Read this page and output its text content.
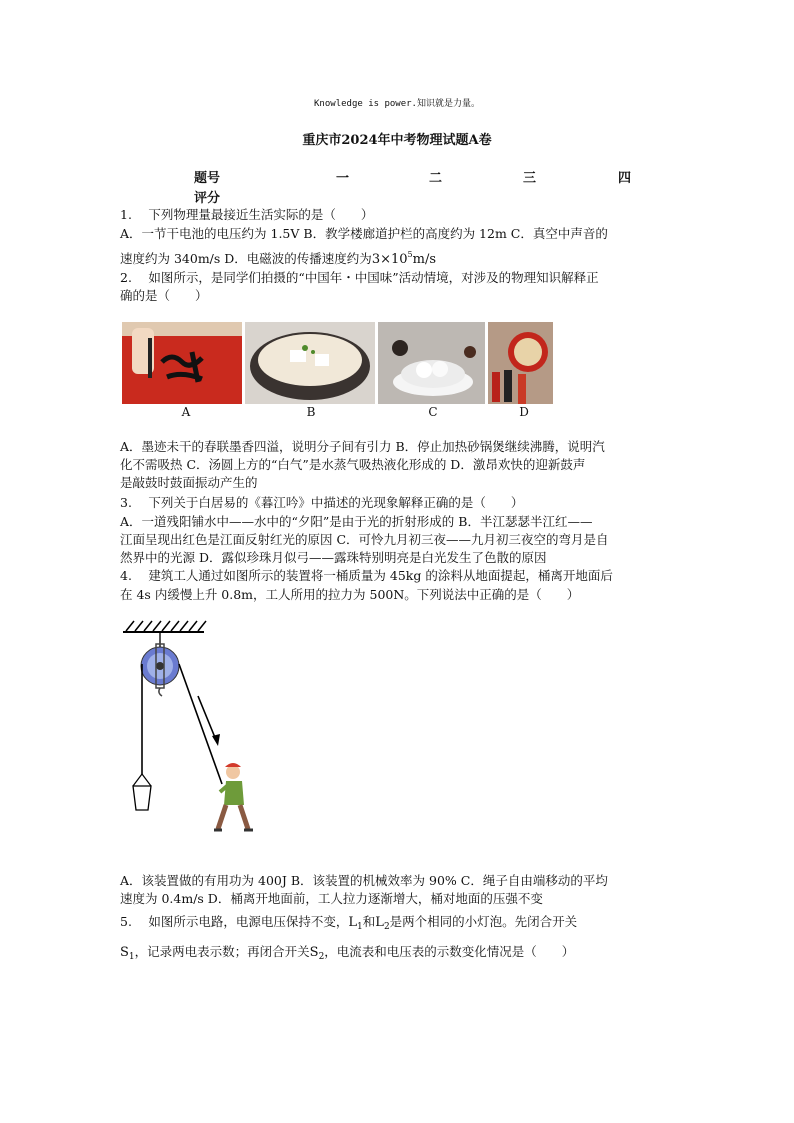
Knowledge is power.知识就是力量。
重庆市2024年中考物理试题A卷
题号	一	二	三	四
评分
1.　 下列物理量最接近生活实际的是（　　）
A．一节干电池的电压约为 1.5V B．教学楼廊道护栏的高度约为 12m C．真空中声音的
速度约为 340m/s D．电磁波的传播速度约为$3\times 10^5m/s$
2.　 如图所示，是同学们拍摄的“中国年・中国味”活动情境，对涉及的物理知识解释正
确的是（　　）
A	B	C	D
A．墨迹未干的春联墨香四溢，说明分子间有引力 B．停止加热砂锅煲继续沸腾，说明汽
化不需吸热 C．汤圆上方的“白气”是水蒸气吸热液化形成的 D．激昂欢快的迎新鼓声
是敲鼓时鼓面振动产生的
3.　 下列关于白居易的《暮江吟》中描述的光现象解释正确的是（　　）
A．一道残阳铺水中——水中的“夕阳”是由于光的折射形成的 B．半江瑟瑟半江红——
江面呈现出红色是江面反射红光的原因 C．可怜九月初三夜——九月初三夜空的弯月是自
然界中的光源 D．露似珍珠月似弓——露珠特别明亮是白光发生了色散的原因
4.　 建筑工人通过如图所示的装置将一桶质量为 45kg 的涂料从地面提起，桶离开地面后
在 4s 内缓慢上升 0.8m，工人所用的拉力为 500N。下列说法中正确的是（　　）
A．该装置做的有用功为 400J B．该装置的机械效率为 90% C．绳子自由端移动的平均
速度为 0.4m/s D．桶离开地面前，工人拉力逐渐增大，桶对地面的压强不变
5.　 如图所示电路，电源电压保持不变，$L_1$和$L_2$是两个相同的小灯泡。先闭合开关
$S_1$，记录两电表示数；再闭合开关$S_2$，电流表和电压表的示数变化情况是（　　）
